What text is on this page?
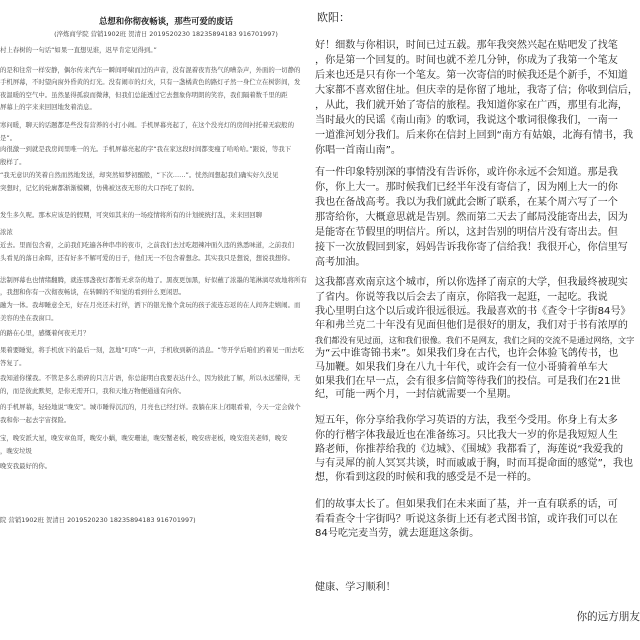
总想和你彻夜畅谈，那些可爱的废话
(淬炼商学院 营销1902班 贺清日 2019520230 18235894183 916701997)
村上春树的一句话“如果一直想见谁，迟早肯定见得到。”
的是和往常一样安静，偶尔传来汽车一瞬间呼啸而过的声音，没有混着夜宵热气的嘈杂声，外面的一切静的
手机屏幕，不时望向窗外昏黄的灯光。没有闹市的灯火，只有一盏橘黄色的路灯孑然一身伫立在树影间，发
夜温暖的空气中。虽然显得孤寂而微薄，但我们总能透过它去想象你明朗的笑容，我们隔着数千里的距
屏幕上的字来来回回地发着消息。
寒问暖，聊天的话题都是些没有营养的小打小闹。手机屏幕亮起了，在这个没亮灯的房间衬托着无寂般的
是”。
肉很激一到就是我房间里唯一的光。手机屏幕亮起的字“我在家这段时间都变瘦了哈哈哈。”跟说，等我下
殷样了。
“我无意识的笑着自然而然地发送，却突然如梦初醒般，“下次……”。恍然间想起我们确实好久没见
突想时，记忆的轮廓都渐渐模糊，仿佛被这夜无形的大口吞吃了似的。
发生多久呢。那本应该是的假期，可突如其来的一场疫情将所有的计划统统打乱，来来回回聊
浓浓
近去。里面包含着，之前我们吃遍各种串串的夜市，之前我们去过吃超辣冲面久违的熟悉味道，之前我们
头看见的落日余晖，还有好多不解可爱的日子，他们无一不包含着想念。其实我只是想说，想说我想你。
法制屏幕也也情绪翻腾，就连那盏夜灯都暂无求奈的地了。黑夜更加黑，好似蘸了浓墨的笔淋漓尽致地将所有
，我想和你有一次彻夜畅谈，在转瞬的不知觉的看到什么更闲思。
融为一体。我却睡意全无，好在月亮还未打烊，洒下的银光像个贪玩的孩子流连忘返的在人间奔走嬉闹。而
美容的坐在我窗口。
的路在心里，感慨着何夜无月？
果着要睡觉，将手机放下的最后一刻，忽地“叮咚”一声，手机收到新的消息。“等开学后咱们约着见一面去吃
答复了。
我知道你懂我。不管是多么琐碎的只言片语，你总能明白我要表达什么，因为彼此了解，所以永远懂得，无
的，而是彼此默契，是你无需开口，我和天地万物便通通有向你。
的手机屏幕，轻轻地说“晚安”。城市睡得沉沉的，月亮也已经打烊。我躺在床上闭眼看着，今天一定会做个
我和你一起去宇宙探险。
宝，晚安派大星，晚安章鱼哥，晚安小蜗，晚安珊迪，晚安蟹老板，晚安痞老板，晚安泡芙老师，晚安
，晚安垃圾
晚安我最好的你。
院 营销1902班 贺清日 2019520230 18235894183 916701997)
欧阳：
好！细数与你相识，时间已过五载。那年我突然兴起在贴吧发了找笔
，你是第一个回复的。时间也就不差几分钟，你成为了我第一个笔友
后来也还是只有你一个笔友。第一次寄信的时候我还是个新手，不知道
大家都不喜欢留住址。但庆幸的是你留了地址，我寄了信；你收到信后，
，从此，我们就开始了寄信的旅程。我知道你家在广西，那里有北海，
当时最火的民谣《南山南》的歌词，我说这个歌词很像我们，一南一
一道淮河划分我们。后来你在信封上回到“南方有姑娘，北海有情书，我
你唱一首南山南”。
有一件印象特别深的事情没有告诉你，或许你永远不会知道。那是我
你，你上大一。那时候我们已经半年没有寄信了，因为刚上大一的你
我也在备战高考。我以为我们就此会断了联系，在某个周六写了一个
那寄给你，大概意思就是告别。然而第二天去了邮局没能寄出去，因为
是能寄在节假里的明信片。所以，这封告别的明信片没有寄出去。但
接下一次放假回到家，妈妈告诉我你寄了信给我！我很开心，你信里写
高考加油。
这我都喜欢南京这个城市，所以你选择了南京的大学，但我最终被现实
了省内。你说等我以后会去了南京，你陪我一起逛，一起吃。我说
我心里明白这个以后或许很远很远。我最喜欢的书《查令十字街84号》
年和弗兰克二十年没有见面但他们是很好的朋友，我们对于书有浓厚的
我们都没有见过面，这和我们很像。我们不是网友，我们之间的交流不是通过网络，文字
为“云中谁寄锦书来”。如果我们身在古代，也许会体验飞鸽传书，也
马加鞭。如果我们身在八九十年代，或许会有一位小哥骑着单车大
如果我们在早一点，会有很多信简等待我们的投信。可是我们在21世
纪，可能一两个月，一封信就需要一个星期。
短五年，你分享给我你学习英语的方法，我至今受用。你身上有太多
你的行楷字体我最近也在准备练习。只比我大一岁的你是我短短人生
路老师，你推荐给我的《边城》、《围城》我都看了，海莲说“我爱我的
与有灵犀的前人冥冥共谈，时而戚戚于胸，时而耳提命面的感觉”，我也
想，你看到这段的时候和我的感受是不是一样的。
们的故事太长了。但如果我们在未来面了基，并一直有联系的话，可
看看查令十字街吗？听说这条街上还有老式图书馆，或许我们可以在
84号吃完麦当劳，就去逛逛这条街。
健康、学习顺利！
你的远方朋友
